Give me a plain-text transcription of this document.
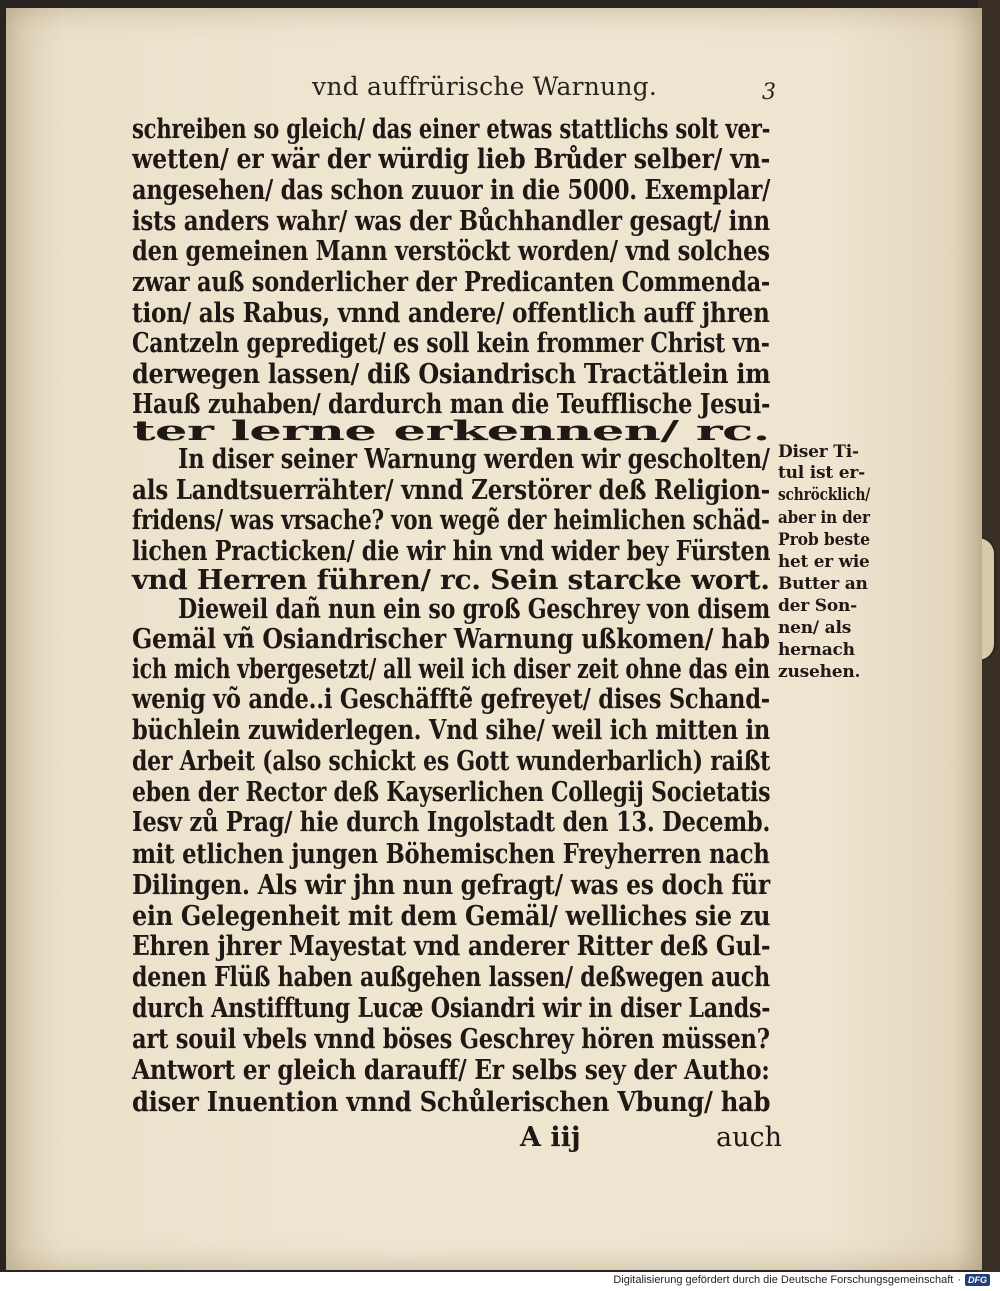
vnd auffrürische Warnung.	3
schreiben so gleich/ das einer etwas stattlichs solt ver-
wetten/ er wär der würdig lieb Brůder selber/ vn-
angesehen/ das schon zuuor in die 5000. Exemplar/
ists anders wahr/ was der Bůchhandler gesagt/ inn
den gemeinen Mann verstöckt worden/ vnd solches
zwar auß sonderlicher der Predicanten Commenda-
tion/ als Rabus, vnnd andere/ offentlich auff jhren
Cantzeln geprediget/ es soll kein frommer Christ vn-
derwegen lassen/ diß Osiandrisch Tractätlein im
Hauß zuhaben/ dardurch man die Teufflische Jesui-
ter lerne erkennen/ rc.
In diser seiner Warnung werden wir gescholten/
als Landtsuerrähter/ vnnd Zerstörer deß Religion-
fridens/ was vrsache? von wegẽ der heimlichen schäd-
lichen Practicken/ die wir hin vnd wider bey Fürsten
vnd Herren führen/ rc. Sein starcke wort.
Dieweil dañ nun ein so groß Geschrey von disem
Gemäl vñ Osiandrischer Warnung ußkomen/ hab
ich mich vbergesetzt/ all weil ich diser zeit ohne das ein
wenig võ ande..i Geschäfftẽ gefreyet/ dises Schand-
büchlein zuwiderlegen. Vnd sihe/ weil ich mitten in
der Arbeit (also schickt es Gott wunderbarlich) raißt
eben der Rector deß Kayserlichen Collegij Societatis
Iesv zů Prag/ hie durch Ingolstadt den 13. Decemb.
mit etlichen jungen Böhemischen Freyherren nach
Dilingen. Als wir jhn nun gefragt/ was es doch für
ein Gelegenheit mit dem Gemäl/ welliches sie zu
Ehren jhrer Mayestat vnd anderer Ritter deß Gul-
denen Flüß haben außgehen lassen/ deßwegen auch
durch Anstifftung Lucæ Osiandri wir in diser Lands-
art souil vbels vnnd böses Geschrey hören müssen?
Antwort er gleich darauff/ Er selbs sey der Autho:
diser Inuention vnnd Schůlerischen Vbung/ hab
A iij	auch
Diser Ti-
tul ist er-
schröcklich/
aber in der
Prob beste
het er wie
Butter an
der Son-
nen/ als
hernach
zusehen.
Digitalisierung gefördert durch die Deutsche Forschungsgemeinschaft · DFG
